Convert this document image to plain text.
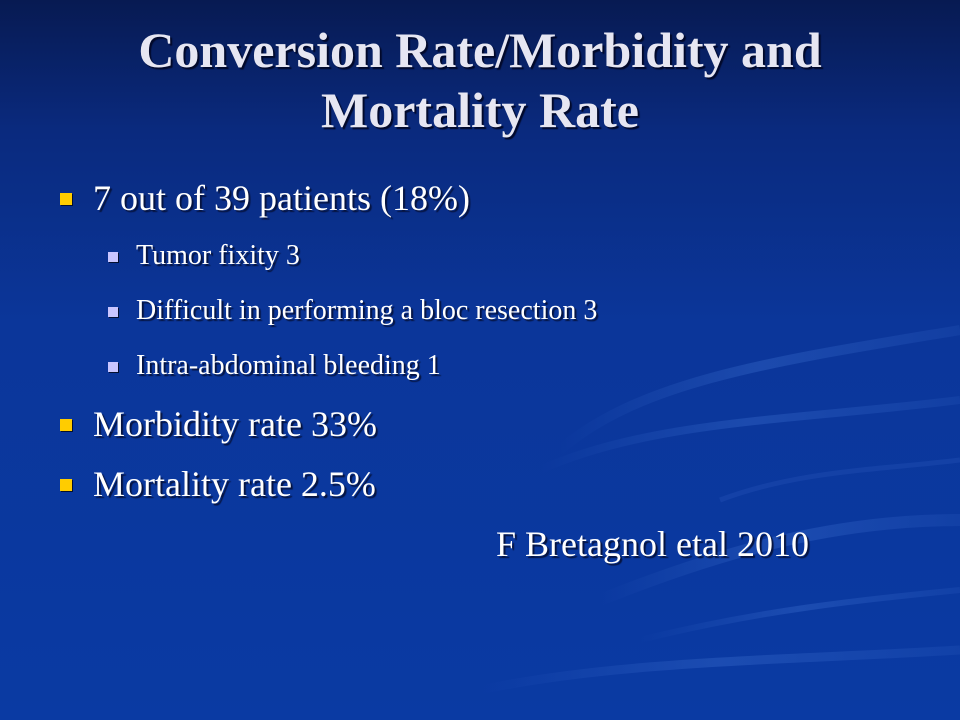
Conversion Rate/Morbidity and
Mortality Rate
7 out of 39 patients (18%)
Tumor fixity 3
Difficult in performing a bloc resection 3
Intra-abdominal bleeding 1
Morbidity rate 33%
Mortality rate 2.5%
F Bretagnol etal 2010
